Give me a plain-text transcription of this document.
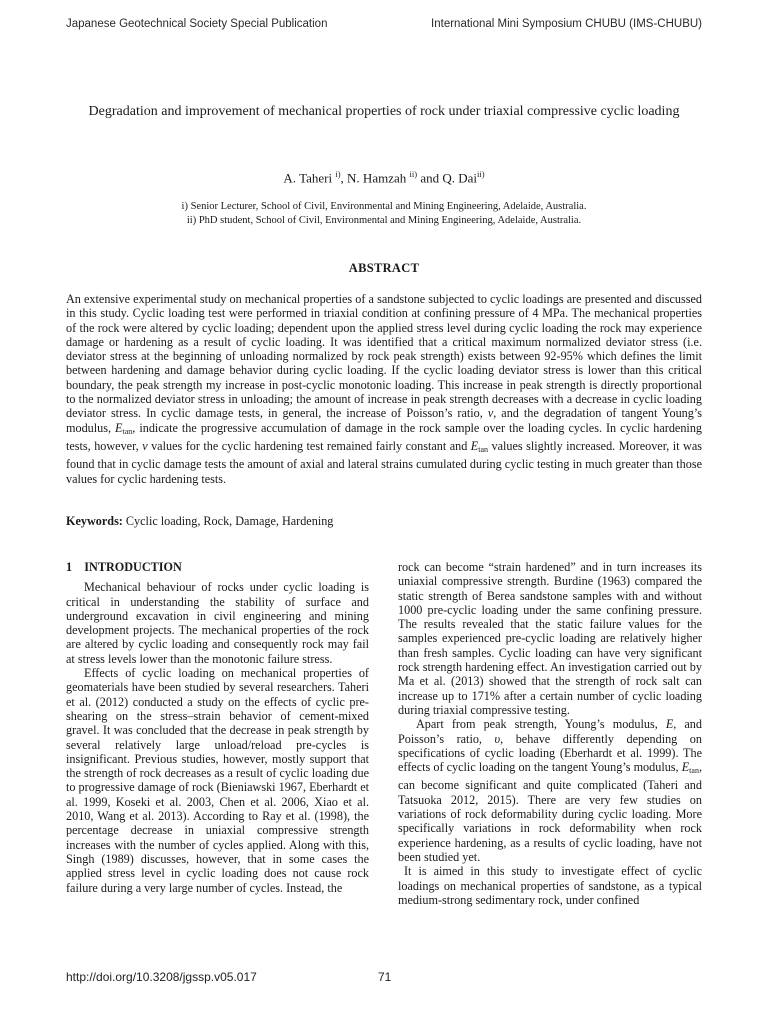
Japanese Geotechnical Society Special Publication	International Mini Symposium CHUBU (IMS-CHUBU)
Degradation and improvement of mechanical properties of rock under triaxial compressive cyclic loading
A. Taheri $^{i)}$, N. Hamzah $^{ii)}$ and Q. Dai$^{ii)}$
i) Senior Lecturer, School of Civil, Environmental and Mining Engineering, Adelaide, Australia.
ii) PhD student, School of Civil, Environmental and Mining Engineering, Adelaide, Australia.
ABSTRACT
An extensive experimental study on mechanical properties of a sandstone subjected to cyclic loadings are presented and discussed in this study. Cyclic loading test were performed in triaxial condition at confining pressure of 4 MPa. The mechanical properties of the rock were altered by cyclic loading; dependent upon the applied stress level during cyclic loading the rock may experience damage or hardening as a result of cyclic loading. It was identified that a critical maximum normalized deviator stress (i.e. deviator stress at the beginning of unloading normalized by rock peak strength) exists between 92-95% which defines the limit between hardening and damage behavior during cyclic loading. If the cyclic loading deviator stress is lower than this critical boundary, the peak strength my increase in post-cyclic monotonic loading. This increase in peak strength is directly proportional to the normalized deviator stress in unloading; the amount of increase in peak strength decreases with a decrease in cyclic loading deviator stress. In cyclic damage tests, in general, the increase of Poisson’s ratio, v, and the degradation of tangent Young’s modulus, $E_{tan}$, indicate the progressive accumulation of damage in the rock sample over the loading cycles. In cyclic hardening tests, however, v values for the cyclic hardening test remained fairly constant and $E_{tan}$ values slightly increased. Moreover, it was found that in cyclic damage tests the amount of axial and lateral strains cumulated during cyclic testing in much greater than those values for cyclic hardening tests.
Keywords: Cyclic loading, Rock, Damage, Hardening
1  INTRODUCTION

Mechanical behaviour of rocks under cyclic loading is critical in understanding the stability of surface and underground excavation in civil engineering and mining development projects. The mechanical properties of the rock are altered by cyclic loading and consequently rock may fail at stress levels lower than the monotonic failure stress.

Effects of cyclic loading on mechanical properties of geomaterials have been studied by several researchers. Taheri et al. (2012) conducted a study on the effects of cyclic pre-shearing on the stress–strain behavior of cement-mixed gravel. It was concluded that the decrease in peak strength by several relatively large unload/reload pre-cycles is insignificant. Previous studies, however, mostly support that the strength of rock decreases as a result of cyclic loading due to progressive damage of rock (Bieniawski 1967, Eberhardt et al. 1999, Koseki et al. 2003, Chen et al. 2006, Xiao et al. 2010, Wang et al. 2013). According to Ray et al. (1998), the percentage decrease in uniaxial compressive strength increases with the number of cycles applied. Along with this, Singh (1989) discusses, however, that in some cases the applied stress level in cyclic loading does not cause rock failure during a very large number of cycles. Instead, the

rock can become “strain hardened” and in turn increases its uniaxial compressive strength. Burdine (1963) compared the static strength of Berea sandstone samples with and without 1000 pre-cyclic loading under the same confining pressure. The results revealed that the static failure values for the samples experienced pre-cyclic loading are relatively higher than fresh samples. Cyclic loading can have very significant rock strength hardening effect. An investigation carried out by Ma et al. (2013) showed that the strength of rock salt can increase up to 171% after a certain number of cyclic loading during triaxial compressive testing.

Apart from peak strength, Young’s modulus, E, and Poisson’s ratio, υ, behave differently depending on specifications of cyclic loading (Eberhardt et al. 1999). The effects of cyclic loading on the tangent Young’s modulus, $E_{tan}$, can become significant and quite complicated (Taheri and Tatsuoka 2012, 2015). There are very few studies on variations of rock deformability during cyclic loading. More specifically variations in rock deformability when rock experience hardening, as a results of cyclic loading, have not been studied yet.

It is aimed in this study to investigate effect of cyclic loadings on mechanical properties of sandstone, as a typical medium-strong sedimentary rock, under confined

http://doi.org/10.3208/jgssp.v05.017	71
